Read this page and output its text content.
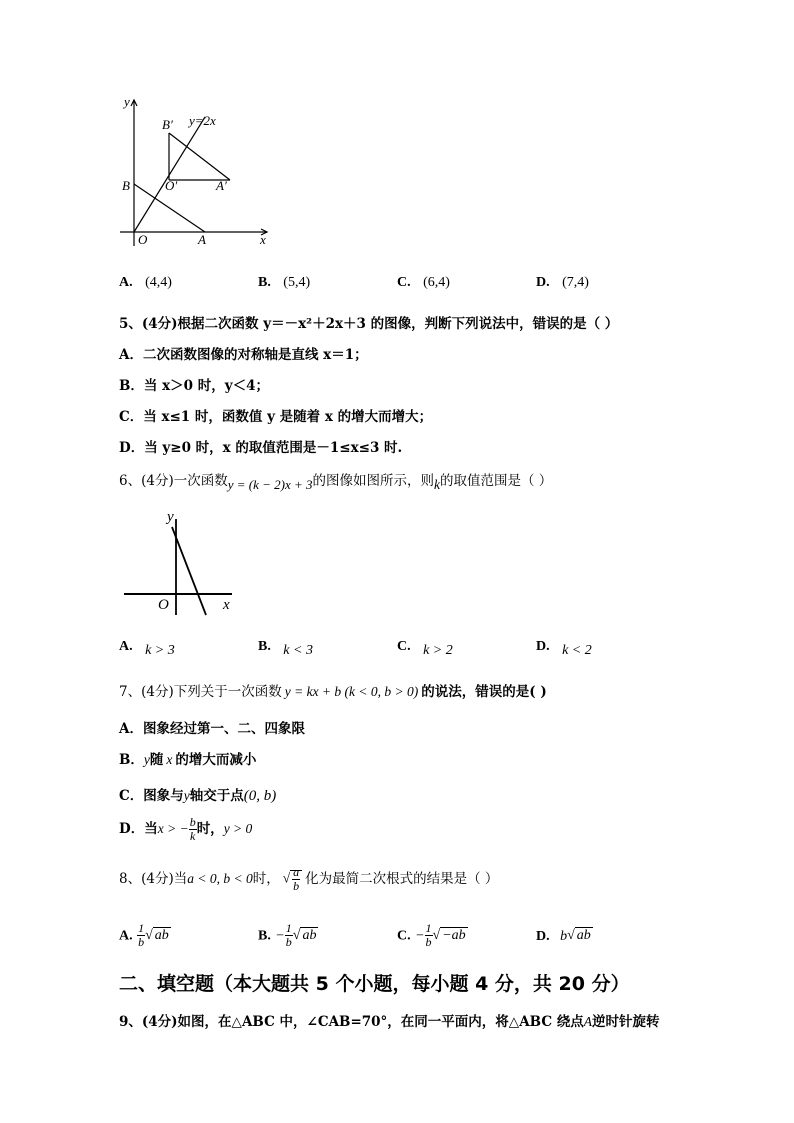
y
y=2x
B′
B	O′	A′
O	A	x
A. (4,4)	B. (5,4)	C. (6,4)	D. (7,4)
5、(4分)根据二次函数 y＝－x²＋2x＋3 的图像，判断下列说法中，错误的是（ ）
A．二次函数图像的对称轴是直线 x＝1；
B．当 x＞0 时，y＜4；
C．当 x≤1 时，函数值 y 是随着 x 的增大而增大；
D．当 y≥0 时，x 的取值范围是－1≤x≤3 时.
6、(4分)一次函数y = (k − 2)x + 3的图像如图所示，则k的取值范围是（ ）
y
O	x
A. k > 3	B. k < 3	C. k > 2	D. k < 2
7、(4分)下列关于一次函数 y = kx + b (k < 0, b > 0) 的说法，错误的是( )
A．图象经过第一、二、四象限
B．y随 x 的增大而减小
C．图象与y轴交于点(0, b)
D．当x > − $\frac{b}{k}$ 时，y > 0
8、(4分)当a < 0, b < 0时， √ $\frac{a}{b}$ 化为最简二次根式的结果是（ ）
A. $\frac{1}{b}$ √ ab	B. − $\frac{1}{b}$ √ ab	C. − $\frac{1}{b}$ √ −ab	D. b√ ab
二、填空题（本大题共 5 个小题，每小题 4 分，共 20 分）
9、(4分)如图，在△ABC 中，∠CAB=70°，在同一平面内，将△ABC 绕点A逆时针旋转
